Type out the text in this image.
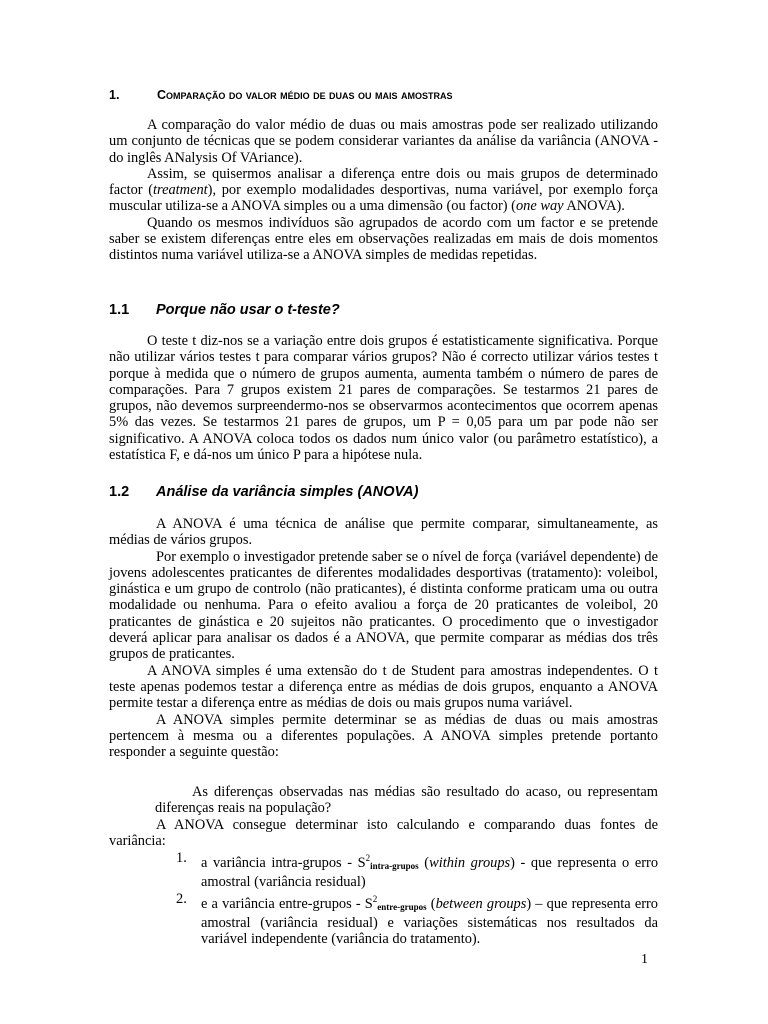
1.	Comparação do valor médio de duas ou mais amostras

A comparação do valor médio de duas ou mais amostras pode ser realizado utilizando um conjunto de técnicas que se podem considerar variantes da análise da variância (ANOVA - do inglês ANalysis Of VAriance).

Assim, se quisermos analisar a diferença entre dois ou mais grupos de determinado factor (treatment), por exemplo modalidades desportivas, numa variável, por exemplo força muscular utiliza-se a ANOVA simples ou a uma dimensão (ou factor) (one way ANOVA).

Quando os mesmos indivíduos são agrupados de acordo com um factor e se pretende saber se existem diferenças entre eles em observações realizadas em mais de dois momentos distintos numa variável utiliza-se a ANOVA simples de medidas repetidas.

1.1 Porque não usar o t-teste?

O teste t diz-nos se a variação entre dois grupos é estatisticamente significativa. Porque não utilizar vários testes t para comparar vários grupos? Não é correcto utilizar vários testes t porque à medida que o número de grupos aumenta, aumenta também o número de pares de comparações. Para 7 grupos existem 21 pares de comparações. Se testarmos 21 pares de grupos, não devemos surpreendermo-nos se observarmos acontecimentos que ocorrem apenas 5% das vezes. Se testarmos 21 pares de grupos, um P = 0,05 para um par pode não ser significativo. A ANOVA coloca todos os dados num único valor (ou parâmetro estatístico), a estatística F, e dá-nos um único P para a hipótese nula.

1.2 Análise da variância simples (ANOVA)

A ANOVA é uma técnica de análise que permite comparar, simultaneamente, as médias de vários grupos.

Por exemplo o investigador pretende saber se o nível de força (variável dependente) de jovens adolescentes praticantes de diferentes modalidades desportivas (tratamento): voleibol, ginástica e um grupo de controlo (não praticantes), é distinta conforme praticam uma ou outra modalidade ou nenhuma. Para o efeito avaliou a força de 20 praticantes de voleibol, 20 praticantes de ginástica e 20 sujeitos não praticantes. O procedimento que o investigador deverá aplicar para analisar os dados é a ANOVA, que permite comparar as médias dos três grupos de praticantes.

A ANOVA simples é uma extensão do t de Student para amostras independentes. O t teste apenas podemos testar a diferença entre as médias de dois grupos, enquanto a ANOVA permite testar a diferença entre as médias de dois ou mais grupos numa variável.

A ANOVA simples permite determinar se as médias de duas ou mais amostras pertencem à mesma ou a diferentes populações. A ANOVA simples pretende portanto responder a seguinte questão:

As diferenças observadas nas médias são resultado do acaso, ou representam diferenças reais na população?

A ANOVA consegue determinar isto calculando e comparando duas fontes de variância:

1. a variância intra-grupos - $S^2_{intra-grupos}$ (within groups) - que representa o erro amostral (variância residual)
2. e a variância entre-grupos - $S^2_{entre-grupos}$ (between groups) – que representa erro amostral (variância residual) e variações sistemáticas nos resultados da variável independente (variância do tratamento).
1
